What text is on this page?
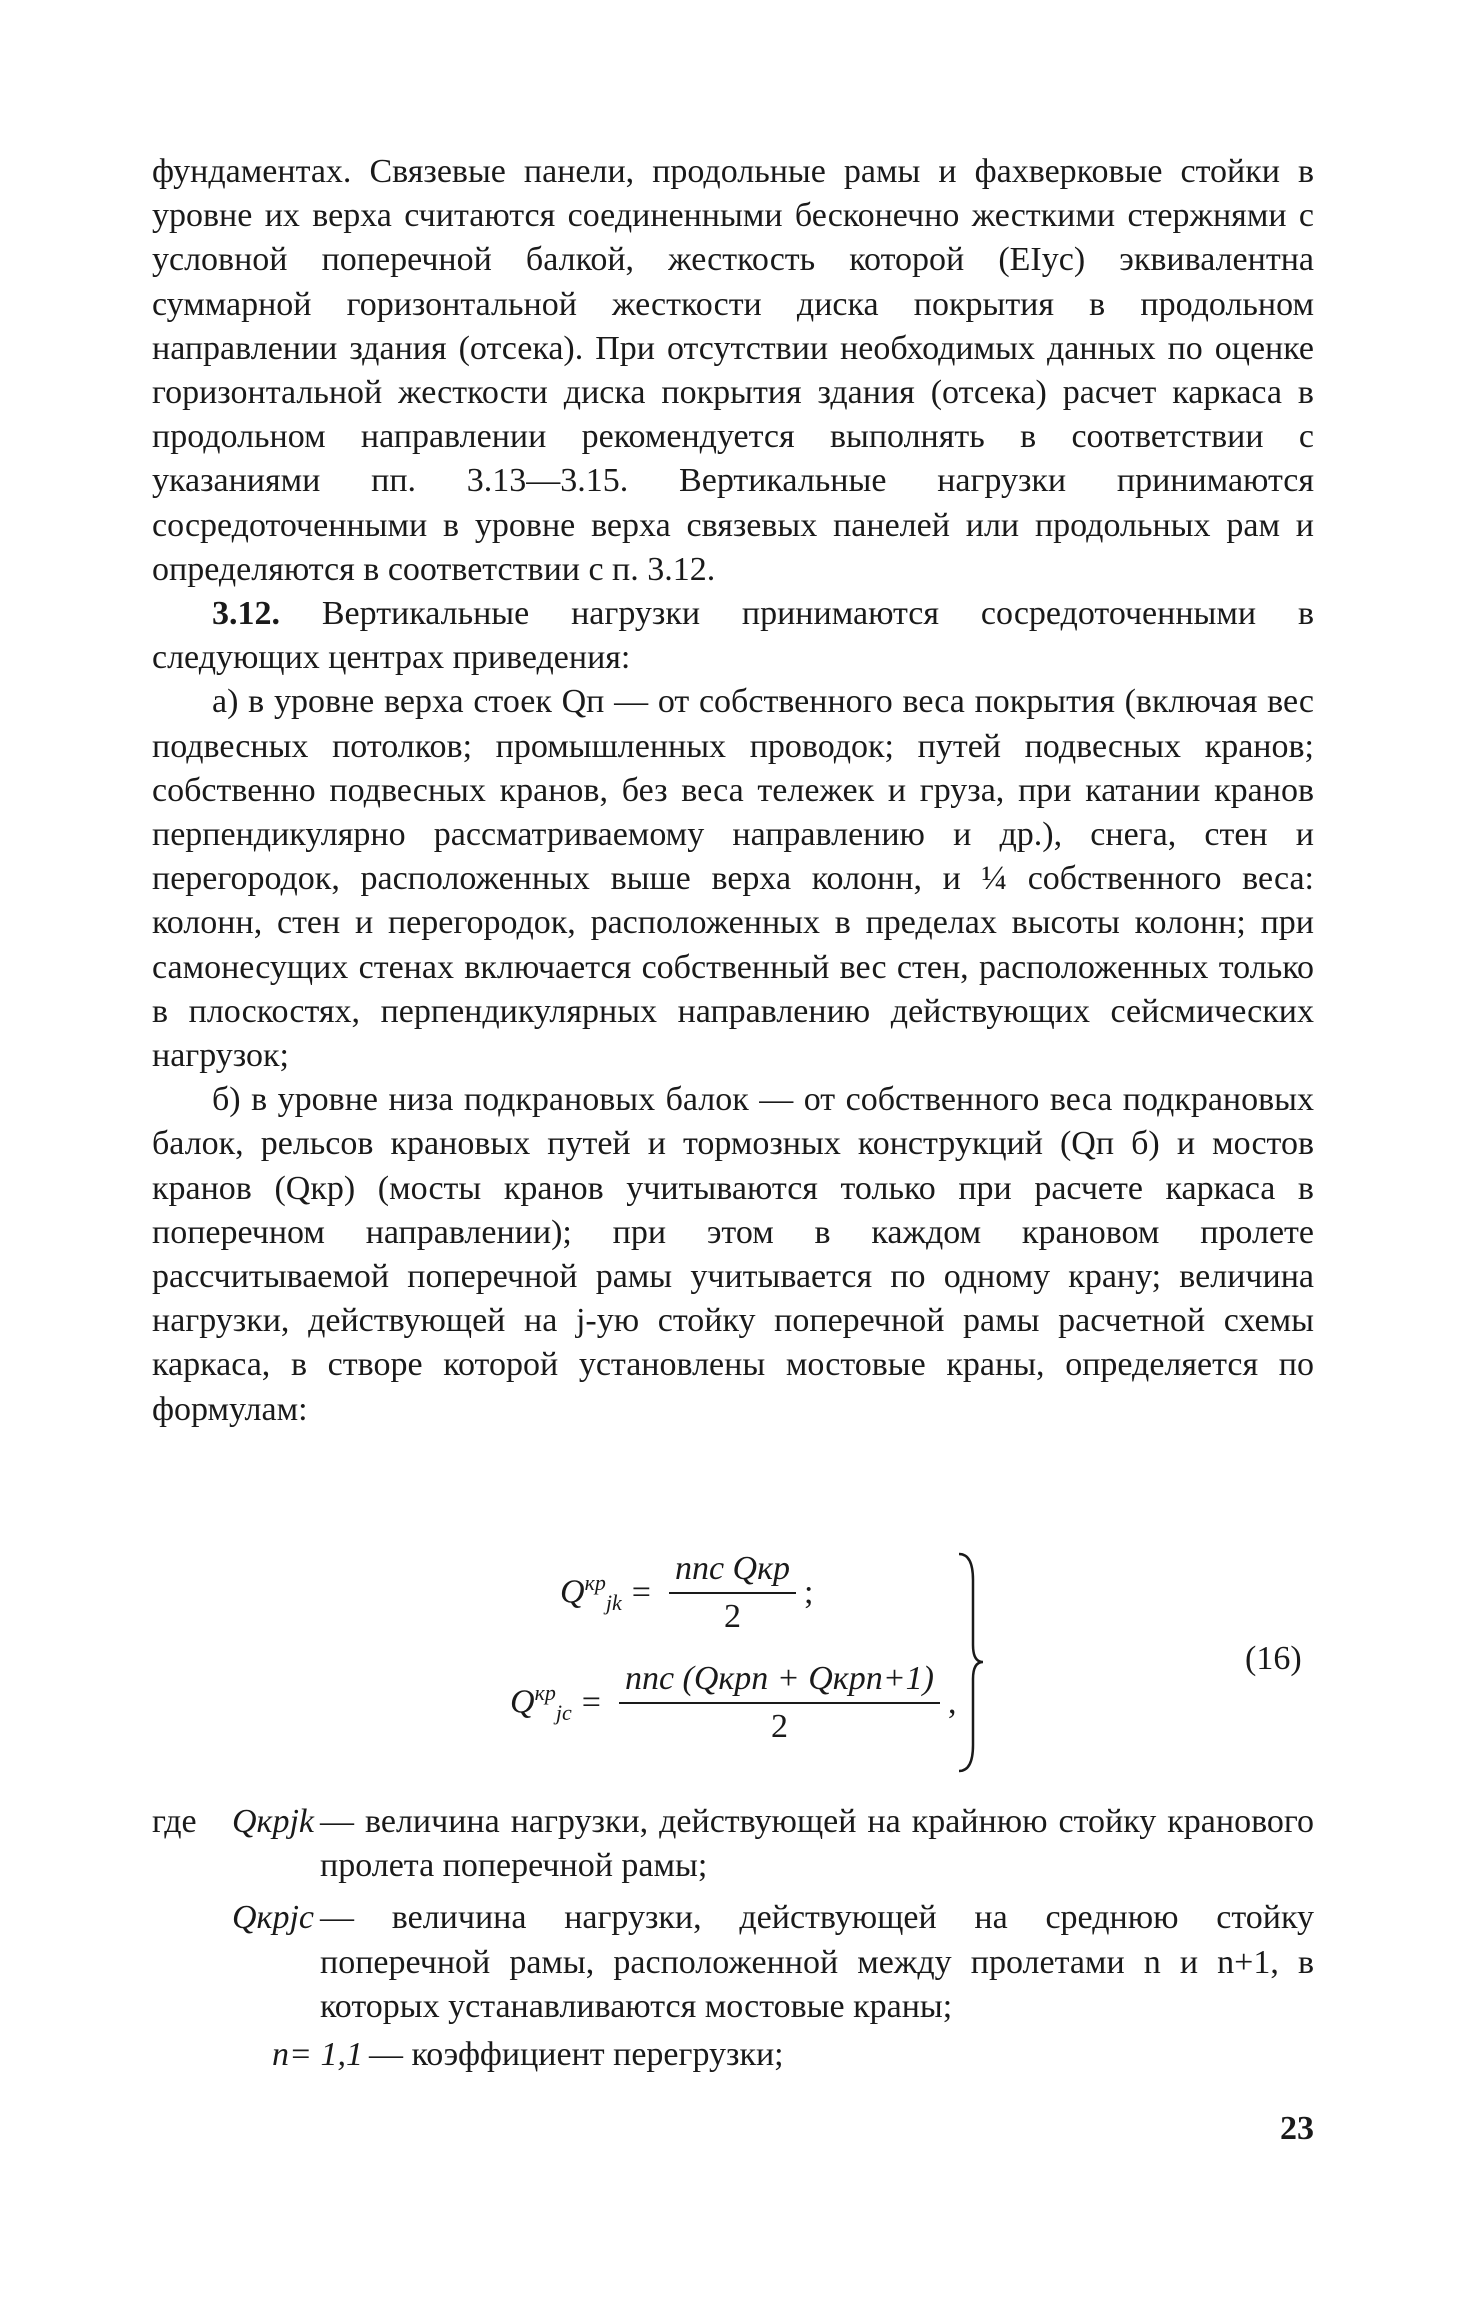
фундаментах. Связевые панели, продольные рамы и фахверковые стойки в уровне их верха считаются соединенными бесконечно жесткими стержнями с условной поперечной балкой, жесткость которой (EIус) эквивалентна суммарной горизонтальной жесткости диска покрытия в продольном направлении здания (отсека). При отсутствии необходимых данных по оценке горизонтальной жесткости диска покрытия здания (отсека) расчет каркаса в продольном направлении рекомендуется выполнять в соответствии с указаниями пп. 3.13—3.15. Вертикальные нагрузки принимаются сосредоточенными в уровне верха связевых панелей или продольных рам и определяются в соответствии с п. 3.12.

3.12. Вертикальные нагрузки принимаются сосредоточенными в следующих центрах приведения:

а) в уровне верха стоек Qп — от собственного веса покрытия (включая вес подвесных потолков; промышленных проводок; путей подвесных кранов; собственно подвесных кранов, без веса тележек и груза, при катании кранов перпендикулярно рассматриваемому направлению и др.), снега, стен и перегородок, расположенных выше верха колонн, и ¼ собственного веса: колонн, стен и перегородок, расположенных в пределах высоты колонн; при самонесущих стенах включается собственный вес стен, расположенных только в плоскостях, перпендикулярных направлению действующих сейсмических нагрузок;

б) в уровне низа подкрановых балок — от собственного веса подкрановых балок, рельсов крановых путей и тормозных конструкций (Qп б) и мостов кранов (Qкр) (мосты кранов учитываются только при расчете каркаса в поперечном направлении); при этом в каждом крановом пролете рассчитываемой поперечной рамы учитывается по одному крану; величина нагрузки, действующей на j-ую стойку поперечной рамы расчетной схемы каркаса, в створе которой установлены мостовые краны, определяется по формулам:

$Q^{кр}_{jk} = \frac{\text{nnc Qкр}}{2}$ ;
$Q^{кр}_{jc} = \frac{\text{nnc (Qкрn + Qкрn+1)}}{2}$ ,
(16)
где	Qкрjk — величина нагрузки, действующей на крайнюю стойку кранового пролета поперечной рамы;
Qкрjc — величина нагрузки, действующей на среднюю стойку поперечной рамы, расположенной между пролетами n и n+1, в которых устанавливаются мостовые краны;
n= 1,1 — коэффициент перегрузки;
23
